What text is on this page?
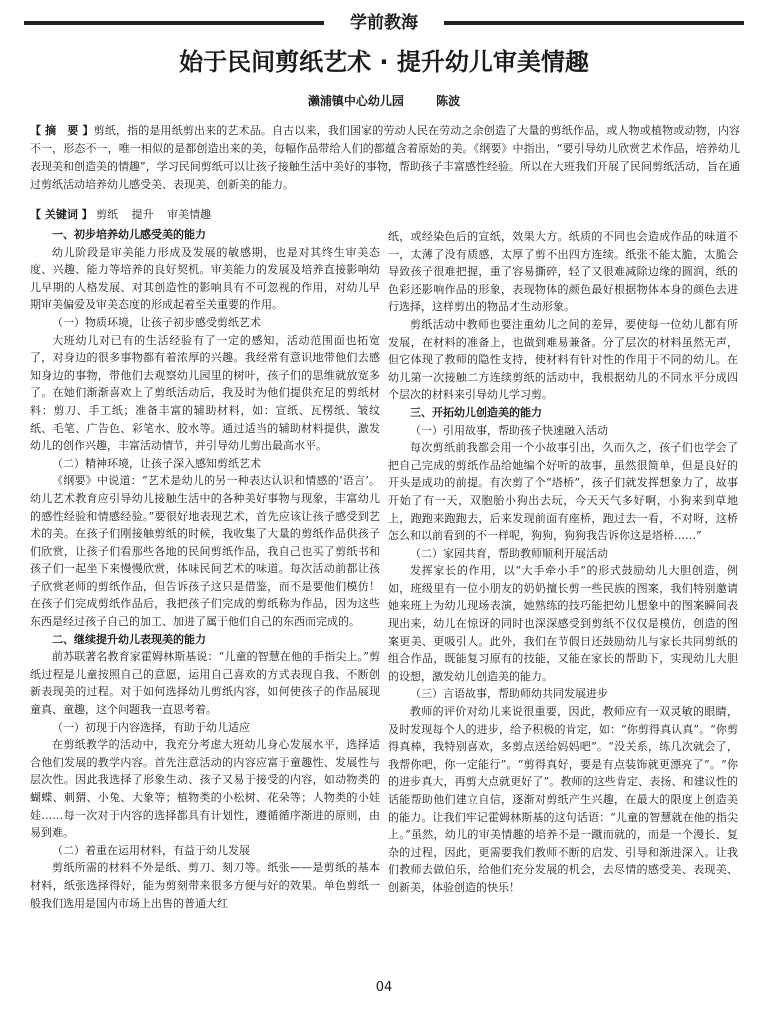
学前教海
始于民间剪纸艺术 · 提升幼儿审美情趣
濑浦镇中心幼儿园	陈波
【 摘　要 】剪纸，指的是用纸剪出来的艺术品。自古以来，我们国家的劳动人民在劳动之余创造了大量的剪纸作品，或人物或植物或动物，内容不一，形态不一，唯一相似的是都创造出来的美，每幅作品带给人们的都蕴含着原始的美。《纲要》中指出，“要引导幼儿欣赏艺术作品，培养幼儿表现美和创造美的情趣”，学习民间剪纸可以让孩子接触生活中美好的事物，帮助孩子丰富感性经验。所以在大班我们开展了民间剪纸活动，旨在通过剪纸活动培养幼儿感受美、表现美、创新美的能力。
【 关键词 】 剪纸 提升 审美情趣
一、初步培养幼儿感受美的能力

幼儿阶段是审美能力形成及发展的敏感期，也是对其终生审美态度、兴趣、能力等培养的良好契机。审美能力的发展及培养直接影响幼儿早期的人格发展、对其创造性的影响具有不可忽视的作用，对幼儿早期审美偏爱及审美态度的形成起着至关重要的作用。

（一）物质环境，让孩子初步感受剪纸艺术

大班幼儿对已有的生活经验有了一定的感知，活动范围面也拓宽了，对身边的很多事物都有着浓厚的兴趣。我经常有意识地带他们去感知身边的事物，带他们去观察幼儿园里的树叶，孩子们的思维就放宽多了。在她们渐渐喜欢上了剪纸活动后，我及时为他们提供充足的剪纸材料：剪刀、手工纸；准备丰富的辅助材料，如：宣纸、瓦楞纸、皱纹纸、毛笔、广告色、彩笔水、胶水等。通过适当的辅助材料提供，激发幼儿的创作兴趣，丰富活动情节，并引导幼儿剪出最高水平。

（二）精神环境，让孩子深入感知剪纸艺术

《纲要》中说道：“艺术是幼儿的另一种表达认识和情感的‘语言’。幼儿艺术教育应引导幼儿接触生活中的各种美好事物与现象，丰富幼儿的感性经验和情感经验。”要很好地表现艺术，首先应该让孩子感受到艺术的美。在孩子们刚接触剪纸的时候，我收集了大量的剪纸作品供孩子们欣赏，让孩子们看那些各地的民间剪纸作品，我自己也买了剪纸书和孩子们一起坐下来慢慢欣赏，体味民间艺术的味道。每次活动前都让孩子欣赏老师的剪纸作品，但告诉孩子这只是借鉴，而不是要他们模仿！在孩子们完成剪纸作品后，我把孩子们完成的剪纸称为作品，因为这些东西是经过孩子自己的加工、加进了属于他们自己的东西而完成的。

二、继续提升幼儿表现美的能力

前苏联著名教育家霍姆林斯基说：“儿童的智慧在他的手指尖上。”剪纸过程是儿童按照自己的意愿，运用自己喜欢的方式表现自我、不断创新表现美的过程。对于如何选择幼儿剪纸内容，如何使孩子的作品展现童真、童趣，这个问题我一直思考着。

（一）初现于内容选择，有助于幼儿适应

在剪纸教学的活动中，我充分考虑大班幼儿身心发展水平，选择适合他们发展的教学内容。首先注意活动的内容应富于童趣性、发展性与层次性。因此我选择了形象生动、孩子又易于接受的内容，如动物类的蝴蝶、刺猬、小兔、大象等；植物类的小松树、花朵等；人物类的小娃娃……每一次对于内容的选择都具有计划性，遵循循序渐进的原则，由易到难。

（二）着重在运用材料，有益于幼儿发展

剪纸所需的材料不外是纸、剪刀、刻刀等。纸张——是剪纸的基本材料，纸张选择得好，能为剪刻带来很多方便与好的效果。单色剪纸一般我们选用是国内市场上出售的普通大红

纸，或经染色后的宣纸，效果大方。纸质的不同也会造成作品的味道不一，太薄了没有质感，太厚了剪不出四方连续。纸张不能太脆，太脆会导致孩子很难把握，重了容易撕碎，轻了又很难减除边缘的圆润，纸的色彩还影响作品的形象，表现物体的颜色最好根据物体本身的颜色去进行选择，这样剪出的物品才生动形象。

剪纸活动中教师也要注重幼儿之间的差异，要使每一位幼儿都有所发展，在材料的准备上，也做到难易兼备。分了层次的材料虽然无声，但它体现了教师的隐性支持，使材料有针对性的作用于不同的幼儿。在幼儿第一次接触二方连续剪纸的活动中，我根据幼儿的不同水平分成四个层次的材料来引导幼儿学习剪。

三、开拓幼儿创造美的能力
（一）引用故事，帮助孩子快速融入活动

每次剪纸前我都会用一个小故事引出，久而久之，孩子们也学会了把自己完成的剪纸作品给她编个好听的故事，虽然很简单，但是良好的开头是成功的前提。有次剪了个“塔桥”，孩子们就发挥想象力了，故事开始了有一天，双胞胎小狗出去玩，今天天气多好啊，小狗来到草地上，跑跑来跑跑去，后来发现前面有座桥，跑过去一看，不对呀，这桥怎么和以前看到的不一样呢，狗狗，狗狗我告诉你这是塔桥……”

（二）家园共育，帮助教师顺利开展活动

发挥家长的作用，以“大手牵小手”的形式鼓励幼儿大胆创造，例如，班级里有一位小朋友的奶奶擅长剪一些民族的图案，我们特别邀请她来班上为幼儿现场表演，她熟练的技巧能把幼儿想象中的图案瞬间表现出来，幼儿在惊讶的同时也深深感受到剪纸不仅仅是模仿，创造的图案更美、更吸引人。此外，我们在节假日还鼓励幼儿与家长共同剪纸的组合作品，既能复习原有的技能，又能在家长的帮助下，实现幼儿大胆的设想，激发幼儿创造美的能力。

（三）言语故事，帮助师幼共同发展进步

教师的评价对幼儿来说很重要，因此，教师应有一双灵敏的眼睛，及时发现每个人的进步，给予积极的肯定，如：“你剪得真认真”。“你剪得真棒，我特别喜欢，多剪点送给妈妈吧”。“没关系，练几次就会了，我帮你吧，你一定能行”。“剪得真好，要是有点装饰就更漂亮了”。“你的进步真大，再剪大点就更好了”。教师的这些肯定、表扬、和建议性的话能帮助他们建立自信，逐渐对剪纸产生兴趣，在最大的限度上创造美的能力。让我们牢记霍姆林斯基的这句话语：“儿童的智慧就在他的指尖上。”虽然，幼儿的审美情趣的培养不是一蹴而就的，而是一个漫长、复杂的过程，因此，更需要我们教师不断的启发、引导和渐进深入。让我们教师去做伯乐，给他们充分发展的机会，去尽情的感受美、表现美、创新美，体验创造的快乐！

04
